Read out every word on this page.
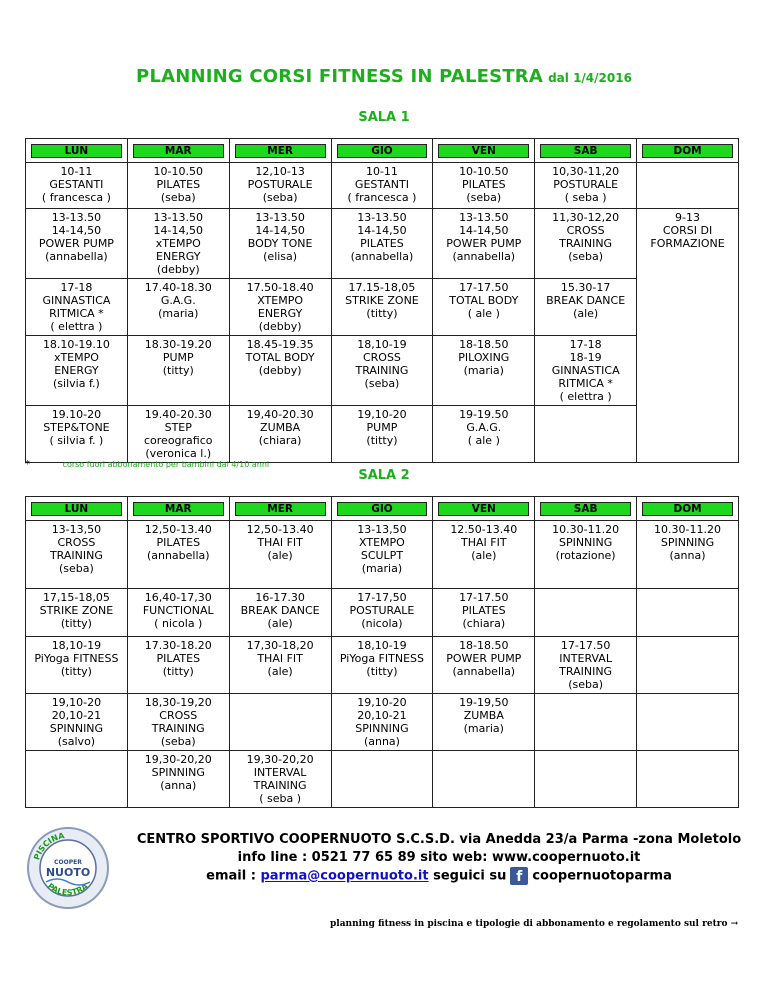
PLANNING CORSI FITNESS IN PALESTRA dal 1/4/2016
SALA 1
LUN	MAR	MER	GIO	VEN	SAB	DOM

10-11
GESTANTI
( francesca )	10-10.50
PILATES
(seba)	12,10-13
POSTURALE
(seba)	10-11
GESTANTI
( francesca )	10-10.50
PILATES
(seba)	10,30-11,20
POSTURALE
( seba )	

13-13.50
14-14,50
POWER PUMP
(annabella)	13-13.50
14-14,50
xTEMPO
ENERGY
(debby)	13-13.50
14-14,50
BODY TONE
(elisa)	13-13.50
14-14,50
PILATES
(annabella)	13-13.50
14-14,50
POWER PUMP
(annabella)	11,30-12,20
CROSS
TRAINING
(seba)	9-13
CORSI DI
FORMAZIONE

17-18
GINNASTICA
RITMICA *
( elettra )	17.40-18.30
G.A.G.
(maria)	17.50-18.40
XTEMPO
ENERGY
(debby)	17.15-18,05
STRIKE ZONE
(titty)	17-17.50
TOTAL BODY
( ale )	15.30-17
BREAK DANCE
(ale)	

18.10-19.10
xTEMPO
ENERGY
(silvia f.)	18.30-19.20
PUMP
(titty)	18.45-19.35
TOTAL BODY
(debby)	18,10-19
CROSS
TRAINING
(seba)	18-18.50
PILOXING
(maria)	17-18
18-19
GINNASTICA
RITMICA *
( elettra )	

19.10-20
STEP&TONE
( silvia f. )	19.40-20.30
STEP
coreografico
(veronica l.)	19,40-20.30
ZUMBA
(chiara)	19,10-20
PUMP
(titty)	19-19.50
G.A.G.
( ale )		

*	corso fuori abbonamento per bambini dai 4/10 anni
SALA 2
LUN	MAR	MER	GIO	VEN	SAB	DOM

13-13,50
CROSS
TRAINING
(seba)	12,50-13.40
PILATES
(annabella)	12,50-13.40
THAI FIT
(ale)	13-13,50
XTEMPO
SCULPT
(maria)	12.50-13.40
THAI FIT
(ale)	10.30-11.20
SPINNING
(rotazione)	10.30-11.20
SPINNING
(anna)

17,15-18,05
STRIKE ZONE
(titty)	16,40-17,30
FUNCTIONAL
( nicola )	16-17.30
BREAK DANCE
(ale)	17-17,50
POSTURALE
(nicola)	17-17.50
PILATES
(chiara)		

18,10-19
PiYoga FITNESS
(titty)	17.30-18.20
PILATES
(titty)	17,30-18,20
THAI FIT
(ale)	18,10-19
PiYoga FITNESS
(titty)	18-18.50
POWER PUMP
(annabella)	17-17.50
INTERVAL
TRAINING
(seba)	

19,10-20
20,10-21
SPINNING
(salvo)	18,30-19,20
CROSS
TRAINING
(seba)		19,10-20
20,10-21
SPINNING
(anna)	19-19,50
ZUMBA
(maria)		

	19,30-20,20
SPINNING
(anna)	19,30-20,20
INTERVAL
TRAINING
( seba )				

PISCINA
PALESTRA
COOPER
NUOTO
CENTRO SPORTIVO COOPERNUOTO S.C.S.D. via Anedda 23/a Parma -zona Moletolo
info line : 0521 77 65 89 sito web: www.coopernuoto.it
email : parma@coopernuoto.it seguici su f coopernuotoparma
planning fitness in piscina e tipologie di abbonamento e regolamento sul retro →
